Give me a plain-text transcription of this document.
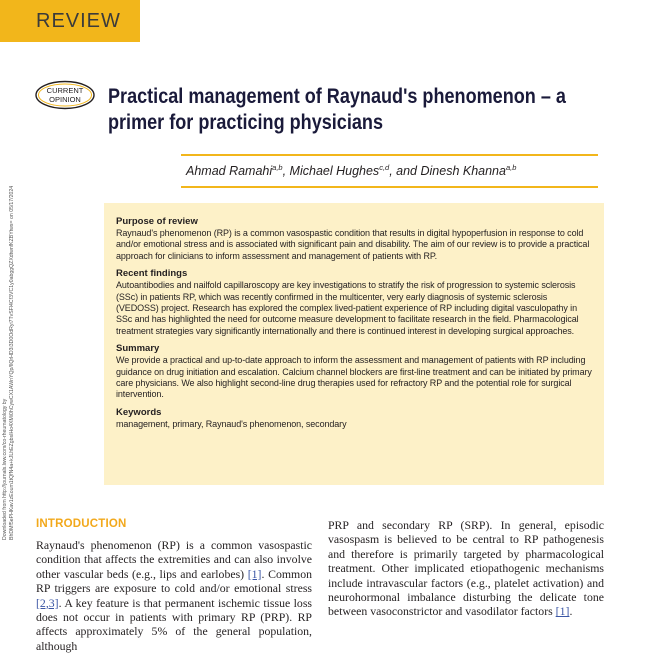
REVIEW
CURRENT
OPINION Practical management of Raynaud's phenomenon – a primer for practicing physicians
Ahmad Ramahi$^{a,b}$, Michael Hughes$^{c,d}$, and Dinesh Khanna$^{a,b}$
Downloaded from http://journals.lww.com/co-rheumatology by BhDMf5ePHKav1zEoum1tQfN4a+kJLhEZgbsIHo4XMi0hCywCX1AWnYQp/IlQrHD3i3D0OdRyi7TvSFl4Cf3VC1y0abggQZXdtwnfKZBYtws= on 05/17/2024	Purpose of review

Raynaud's phenomenon (RP) is a common vasospastic condition that results in digital hypoperfusion in response to cold and/or emotional stress and is associated with significant pain and disability. The aim of our review is to provide a practical approach for clinicians to inform assessment and management of patients with RP.

Recent findings

Autoantibodies and nailfold capillaroscopy are key investigations to stratify the risk of progression to systemic sclerosis (SSc) in patients RP, which was recently confirmed in the multicenter, very early diagnosis of systemic sclerosis (VEDOSS) project. Research has explored the complex lived-patient experience of RP including digital vasculopathy in SSc and has highlighted the need for outcome measure development to facilitate research in the field. Pharmacological treatment strategies vary significantly internationally and there is continued interest in developing surgical approaches.

Summary

We provide a practical and up-to-date approach to inform the assessment and management of patients with RP including guidance on drug initiation and escalation. Calcium channel blockers are first-line treatment and can be initiated by primary care physicians. We also highlight second-line drug therapies used for refractory RP and the potential role for surgical intervention.

Keywords

management, primary, Raynaud's phenomenon, secondary

INTRODUCTION

Raynaud's phenomenon (RP) is a common vasospastic condition that affects the extremities and can also involve other vascular beds (e.g., lips and earlobes) [1]. Common RP triggers are exposure to cold and/or emotional stress [2,3]. A key feature is that permanent ischemic tissue loss does not occur in patients with primary RP (PRP). RP affects approximately 5% of the general population, although

PRP and secondary RP (SRP). In general, episodic vasospasm is believed to be central to RP pathogenesis and therefore is primarily targeted by pharmacological treatment. Other implicated etiopathogenic mechanisms include intravascular factors (e.g., platelet activation) and neurohormonal imbalance disturbing the delicate tone between vasoconstrictor and vasodilator factors [1].
